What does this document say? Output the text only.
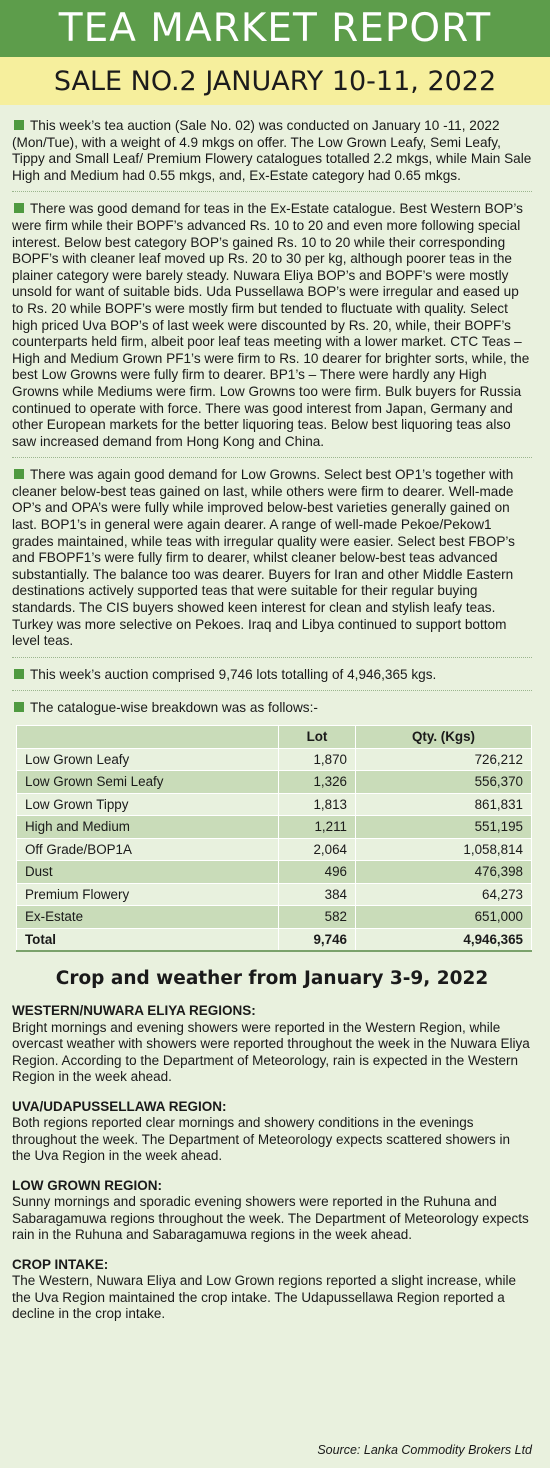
TEA MARKET REPORT
SALE NO.2 JANUARY 10-11, 2022

This week’s tea auction (Sale No. 02) was conducted on January 10 -11, 2022 (Mon/Tue), with a weight of 4.9 mkgs on offer. The Low Grown Leafy, Semi Leafy, Tippy and Small Leaf/ Premium Flowery catalogues totalled 2.2 mkgs, while Main Sale High and Medium had 0.55 mkgs, and, Ex-Estate category had 0.65 mkgs.

There was good demand for teas in the Ex-Estate catalogue. Best Western BOP’s were firm while their BOPF’s advanced Rs. 10 to 20 and even more following special interest. Below best category BOP’s gained Rs. 10 to 20 while their corresponding BOPF’s with cleaner leaf moved up Rs. 20 to 30 per kg, although poorer teas in the plainer category were barely steady. Nuwara Eliya BOP’s and BOPF’s were mostly unsold for want of suitable bids. Uda Pussellawa BOP’s were irregular and eased up to Rs. 20 while BOPF’s were mostly firm but tended to fluctuate with quality. Select high priced Uva BOP’s of last week were discounted by Rs. 20, while, their BOPF’s counterparts held firm, albeit poor leaf teas meeting with a lower market. CTC Teas – High and Medium Grown PF1’s were firm to Rs. 10 dearer for brighter sorts, while, the best Low Growns were fully firm to dearer. BP1’s – There were hardly any High Growns while Mediums were firm. Low Growns too were firm. Bulk buyers for Russia continued to operate with force. There was good interest from Japan, Germany and other European markets for the better liquoring teas. Below best liquoring teas also saw increased demand from Hong Kong and China.

There was again good demand for Low Growns. Select best OP1’s together with cleaner below-best teas gained on last, while others were firm to dearer. Well-made OP’s and OPA’s were fully while improved below-best varieties generally gained on last. BOP1’s in general were again dearer. A range of well-made Pekoe/Pekow1 grades maintained, while teas with irregular quality were easier. Select best FBOP’s and FBOPF1’s were fully firm to dearer, whilst cleaner below-best teas advanced substantially. The balance too was dearer. Buyers for Iran and other Middle Eastern destinations actively supported teas that were suitable for their regular buying standards. The CIS buyers showed keen interest for clean and stylish leafy teas. Turkey was more selective on Pekoes. Iraq and Libya continued to support bottom level teas.

This week’s auction comprised 9,746 lots totalling of 4,946,365 kgs.

The catalogue-wise breakdown was as follows:-

	Lot	Qty. (Kgs)
Low Grown Leafy	1,870	726,212
Low Grown Semi Leafy	1,326	556,370
Low Grown Tippy	1,813	861,831
High and Medium	1,211	551,195
Off Grade/BOP1A	2,064	1,058,814
Dust	496	476,398
Premium Flowery	384	64,273
Ex-Estate	582	651,000
Total	9,746	4,946,365
Crop and weather from January 3-9, 2022

WESTERN/NUWARA ELIYA REGIONS:

Bright mornings and evening showers were reported in the Western Region, while overcast weather with showers were reported throughout the week in the Nuwara Eliya Region. According to the Department of Meteorology, rain is expected in the Western Region in the week ahead.

UVA/UDAPUSSELLAWA REGION:

Both regions reported clear mornings and showery conditions in the evenings throughout the week. The Department of Meteorology expects scattered showers in the Uva Region in the week ahead.

LOW GROWN REGION:

Sunny mornings and sporadic evening showers were reported in the Ruhuna and Sabaragamuwa regions throughout the week. The Department of Meteorology expects rain in the Ruhuna and Sabaragamuwa regions in the week ahead.

CROP INTAKE:

The Western, Nuwara Eliya and Low Grown regions reported a slight increase, while the Uva Region maintained the crop intake. The Udapussellawa Region reported a decline in the crop intake.

Source: Lanka Commodity Brokers Ltd
